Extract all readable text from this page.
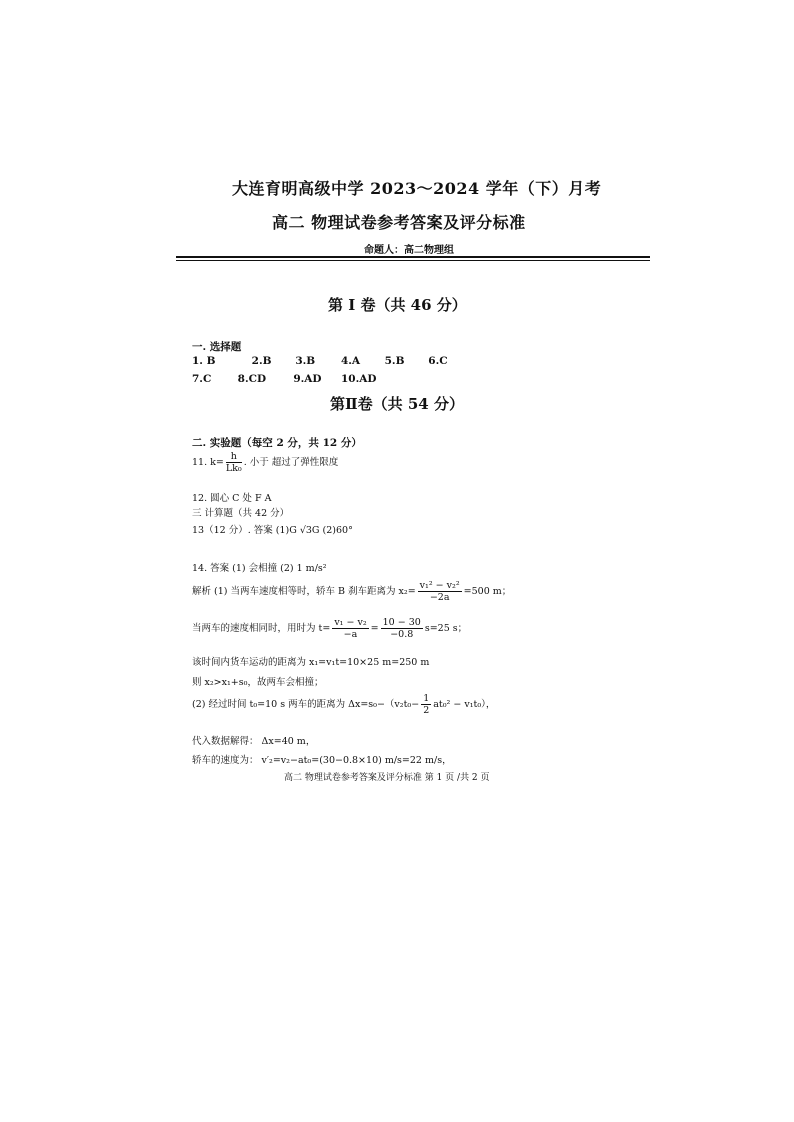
大连育明高级中学 2023～2024 学年（下）月考
高二 物理试卷参考答案及评分标准
命题人：高二物理组
第 I 卷（共 46 分）
一. 选择题
1. B	2.B 3.B 4.A 5.B 6.C
7.C	8.CD	9.AD 10.AD
第Ⅱ卷（共 54 分）
二. 实验题（每空 2 分，共 12 分）
11. $k= \frac{h}{\text{Lk₀}}$ . 小于 超过了弹性限度
12. 圆心 C 处 F A
三 计算题（共 42 分）
13（12 分）. 答案 (1)G √3G (2)60°
14. 答案 (1) 会相撞 (2) 1 m/s²
解析 (1) 当两车速度相等时，轿车 B 刹车距离为 $x_2= \frac{\text{v₁² − v₂²}}{-2a} =500$ m；
当两车的速度相同时，用时为 $t= \frac{\text{v₁ − v₂}}{-a} = \frac{10 - 30}{-0.8} s=25$ s；
该时间内货车运动的距离为 x₁=v₁t=10×25 m=250 m
则 x₂>x₁+s₀，故两车会相撞；
(2) 经过时间 t₀=10 s 两车的距离为 $\Delta x=s_0-(v_2t_0- \frac{1}{2} at_0^2 - v_1t_0)$，
代入数据解得： Δx=40 m，
轿车的速度为： v′₂=v₂−at₀=(30−0.8×10) m/s=22 m/s，
高二 物理试卷参考答案及评分标准 第 1 页 /共 2 页
